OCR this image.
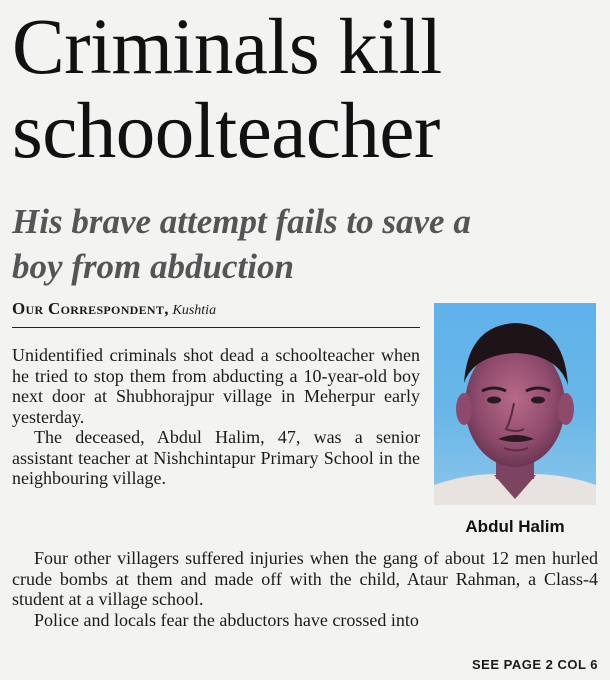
Criminals kill schoolteacher
His brave attempt fails to save a boy from abduction
Our Correspondent, Kushtia
Abdul Halim

Unidentified criminals shot dead a schoolteacher when he tried to stop them from abducting a 10-year-old boy next door at Shubhorajpur village in Meherpur early yesterday.

The deceased, Abdul Halim, 47, was a senior assistant teacher at Nishchintapur Primary School in the neighbouring village.

Four other villagers suffered injuries when the gang of about 12 men hurled crude bombs at them and made off with the child, Ataur Rahman, a Class-4 student at a village school.

Police and locals fear the abductors have crossed into

SEE PAGE 2 COL 6
